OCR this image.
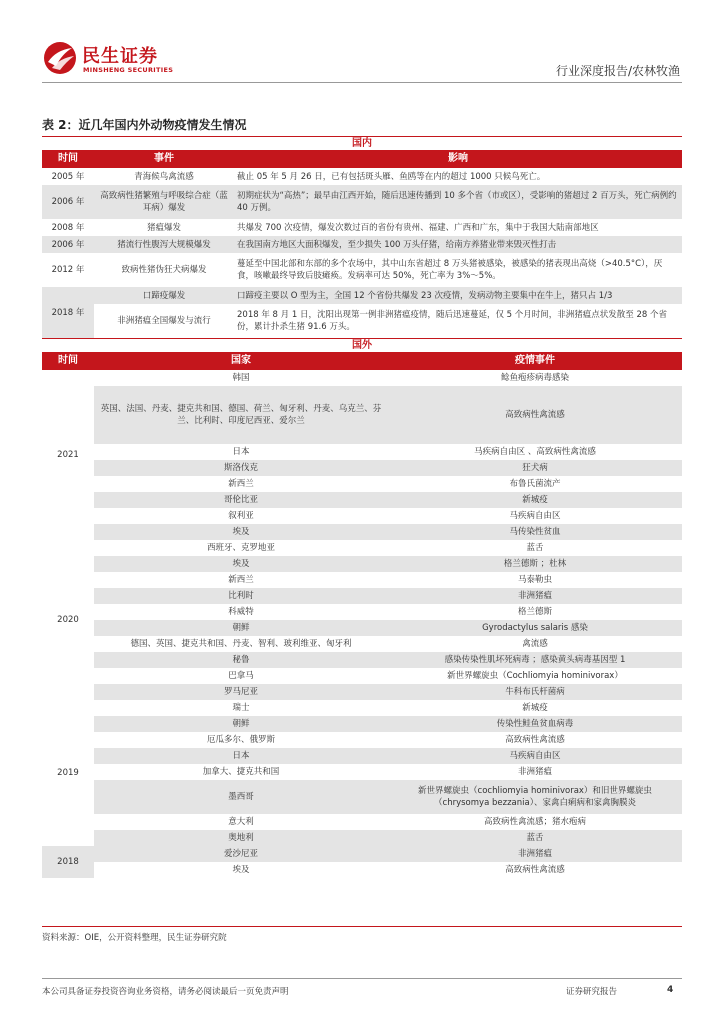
民生证券
MINSHENG SECURITIES	行业深度报告/农林牧渔
表 2：近几年国内外动物疫情发生情况
国内
时间	事件	影响
2005 年	青海候鸟禽流感	截止 05 年 5 月 26 日，已有包括斑头雁、鱼鸥等在内的超过 1000 只候鸟死亡。
2006 年	高致病性猪繁殖与呼吸综合症（蓝耳病）爆发	初期症状为“高热”；最早由江西开始，随后迅速传播到 10 多个省（市或区），受影响的猪超过 2 百万头，死亡病例约 40 万例。
2008 年	猪瘟爆发	共爆发 700 次疫情，爆发次数过百的省份有贵州、福建、广西和广东，集中于我国大陆南部地区
2006 年	猪流行性腹泻大规模爆发	在我国南方地区大面积爆发，至少损失 100 万头仔猪，给南方养猪业带来毁灭性打击
2012 年	致病性猪伪狂犬病爆发	蔓延至中国北部和东部的多个农场中，其中山东省超过 8 万头猪被感染，被感染的猪表现出高烧（>40.5°C），厌食，咳嗽最终导致后肢瘫痪。发病率可达 50%，死亡率为 3%～5%。
2018 年	口蹄疫爆发	口蹄疫主要以 O 型为主，全国 12 个省份共爆发 23 次疫情，发病动物主要集中在牛上，猪只占 1/3
	非洲猪瘟全国爆发与流行	2018 年 8 月 1 日，沈阳出现第一例非洲猪瘟疫情，随后迅速蔓延，仅 5 个月时间，非洲猪瘟点状发散至 28 个省份，累计扑杀生猪 91.6 万头。
国外
时间	国家	疫情事件
2021	韩国	鲶鱼疱疹病毒感染
	英国、法国、丹麦、捷克共和国、德国、荷兰、匈牙利、丹麦、乌克兰、芬兰、比利时、印度尼西亚、爱尔兰	高致病性禽流感
	日本	马疾病自由区 、高致病性禽流感
	斯洛伐克	狂犬病
	新西兰	布鲁氏菌流产
	哥伦比亚	新城疫
	叙利亚	马疾病自由区
	埃及	马传染性贫血
2020	西班牙、克罗地亚	蓝舌
	埃及	格兰德斯 ；杜林
	新西兰	马泰勒虫
	比利时	非洲猪瘟
	科威特	格兰德斯
	朝鲜	Gyrodactylus salaris 感染
	德国、英国、捷克共和国、丹麦、智利、玻利维亚、匈牙利	禽流感
	秘鲁	感染传染性肌坏死病毒 ；感染黄头病毒基因型 1
	巴拿马	新世界螺旋虫（Cochliomyia hominivorax）
	罗马尼亚	牛科布氏杆菌病
2019	瑞士	新城疫
	朝鲜	传染性鲑鱼贫血病毒
	厄瓜多尔、俄罗斯	高致病性禽流感
	日本	马疾病自由区
	加拿大、捷克共和国	非洲猪瘟
	墨西哥	新世界螺旋虫（cochliomyia hominivorax）和旧世界螺旋虫（chrysomya bezzania）、家禽白痢病和家禽胸膜炎
	意大利	高致病性禽流感；猪水疱病
	奥地利	蓝舌
2018	爱沙尼亚	非洲猪瘟
	埃及	高致病性禽流感
资料来源：OIE，公开资料整理，民生证券研究院
本公司具备证券投资咨询业务资格，请务必阅读最后一页免责声明	证券研究报告	4
